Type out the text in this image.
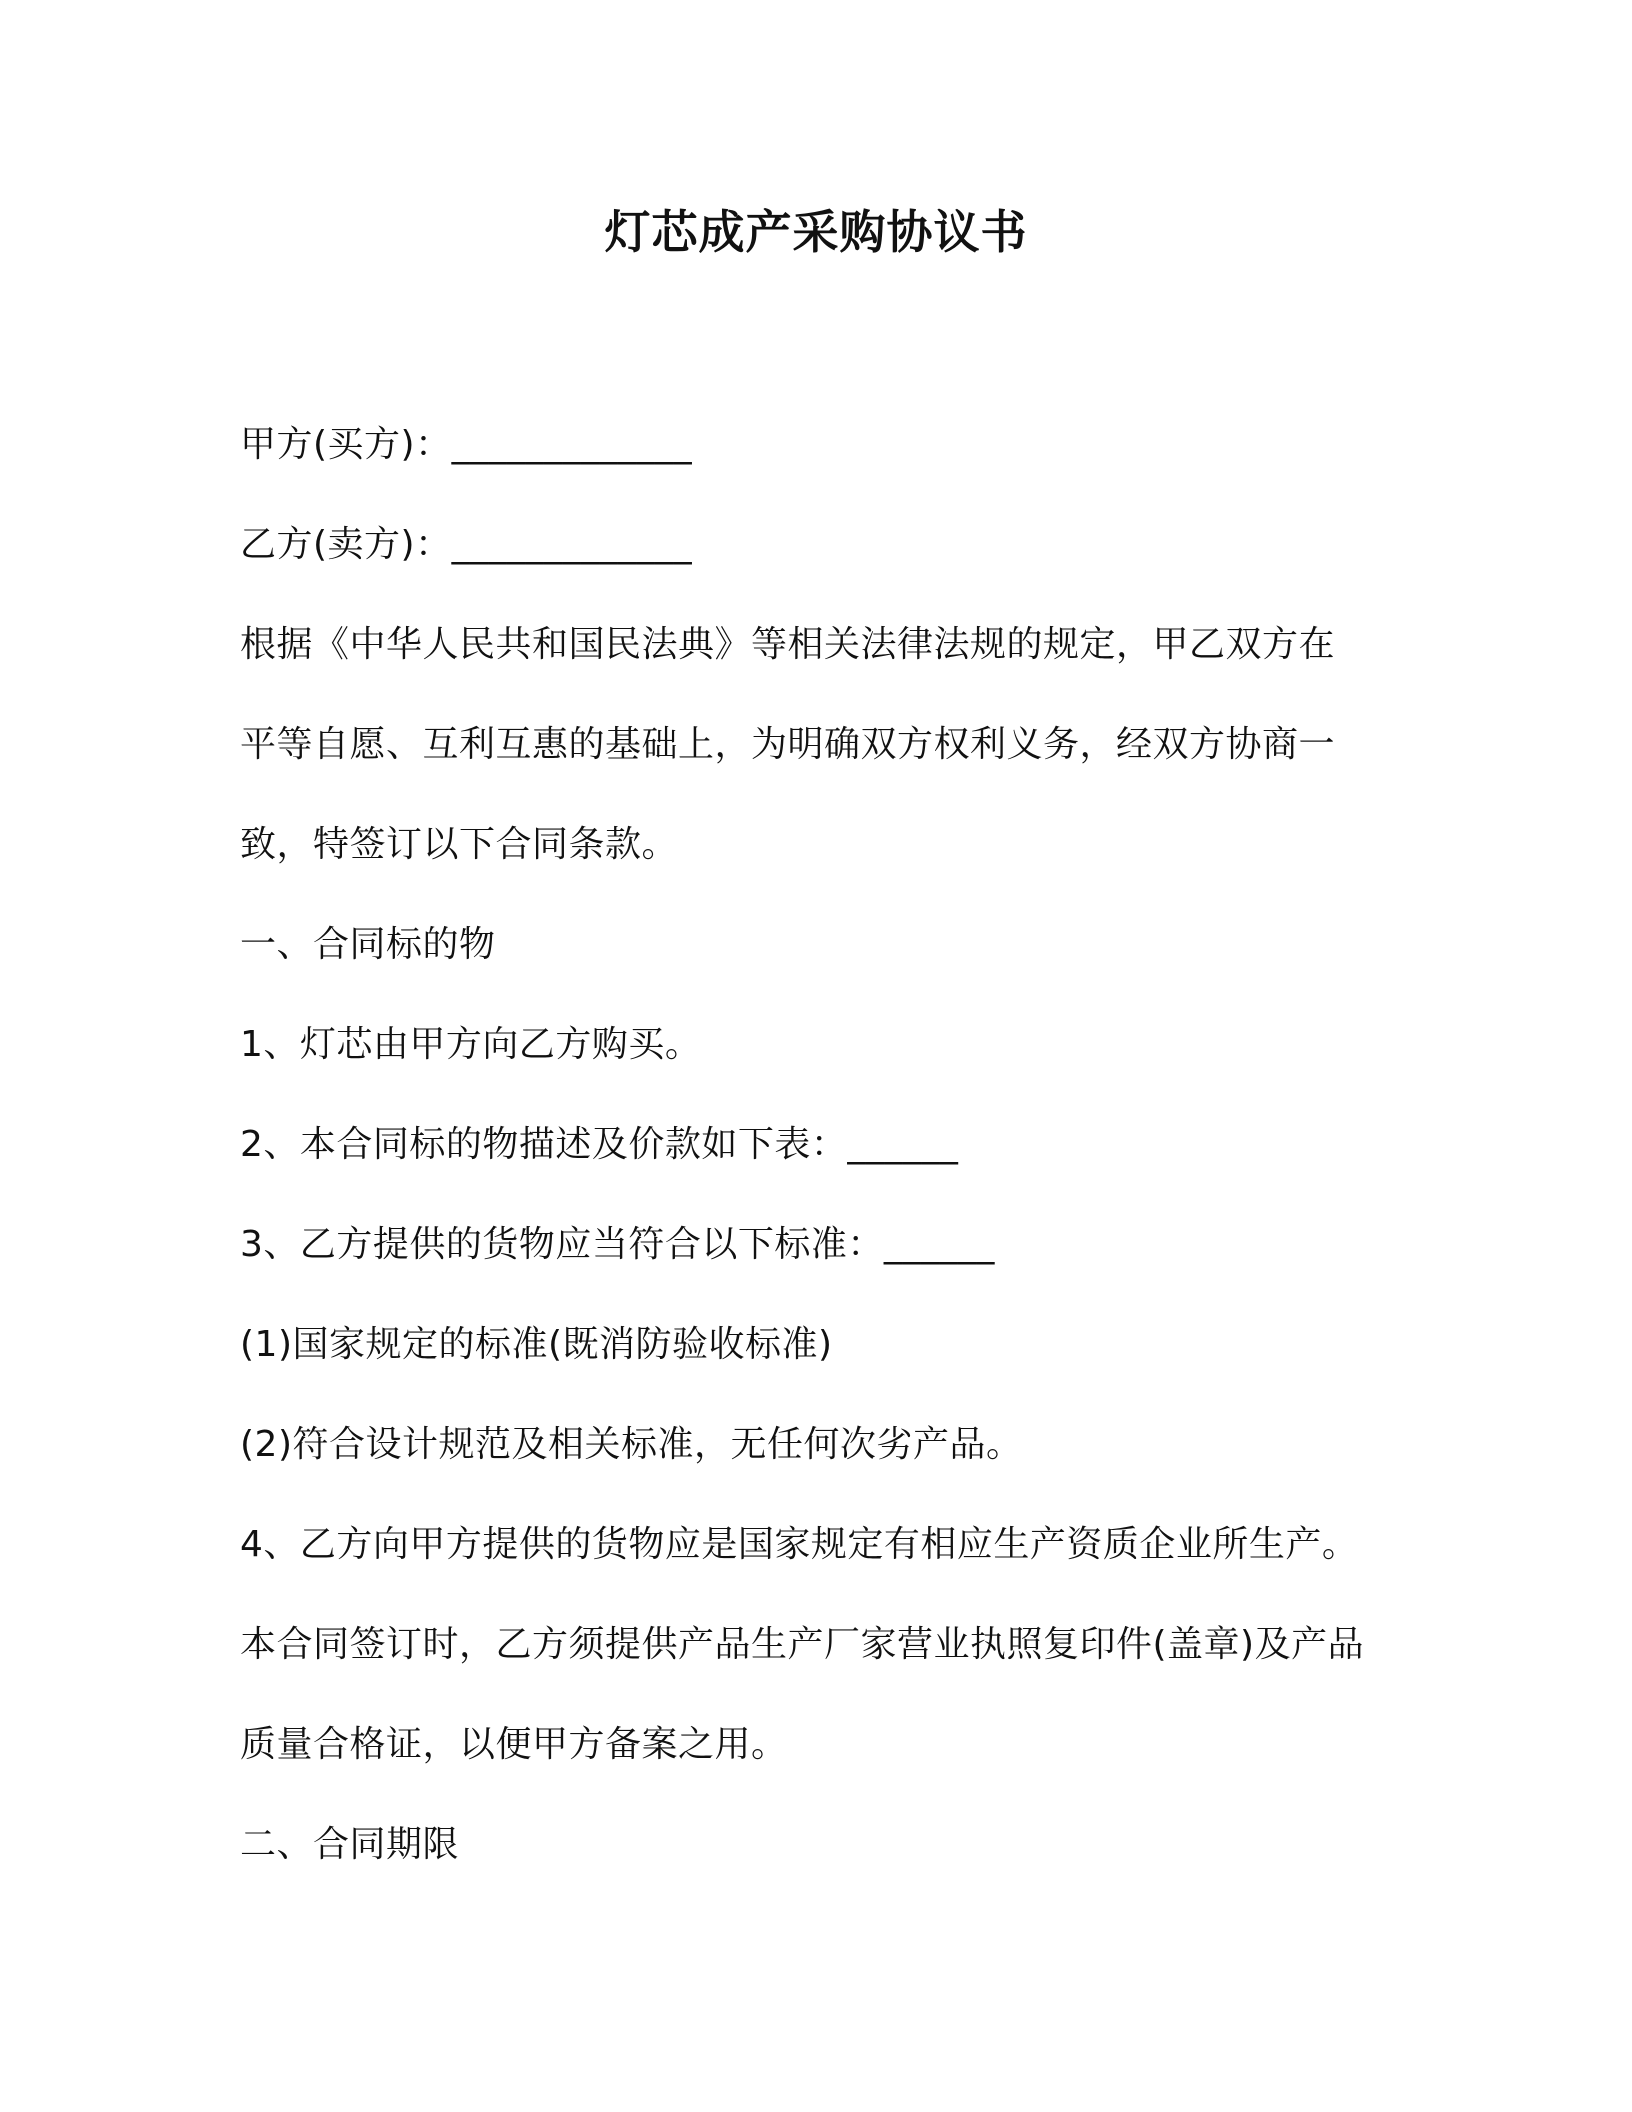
灯芯成产采购协议书
甲方(买方)：_____________
乙方(卖方)：_____________
根据《中华人民共和国民法典》等相关法律法规的规定，甲乙双方在
平等自愿、互利互惠的基础上，为明确双方权利义务，经双方协商一
致，特签订以下合同条款。
一、合同标的物
1、灯芯由甲方向乙方购买。
2、本合同标的物描述及价款如下表：______
3、乙方提供的货物应当符合以下标准：______
(1)国家规定的标准(既消防验收标准)
(2)符合设计规范及相关标准，无任何次劣产品。
4、乙方向甲方提供的货物应是国家规定有相应生产资质企业所生产。
本合同签订时，乙方须提供产品生产厂家营业执照复印件(盖章)及产品
质量合格证，以便甲方备案之用。
二、合同期限
